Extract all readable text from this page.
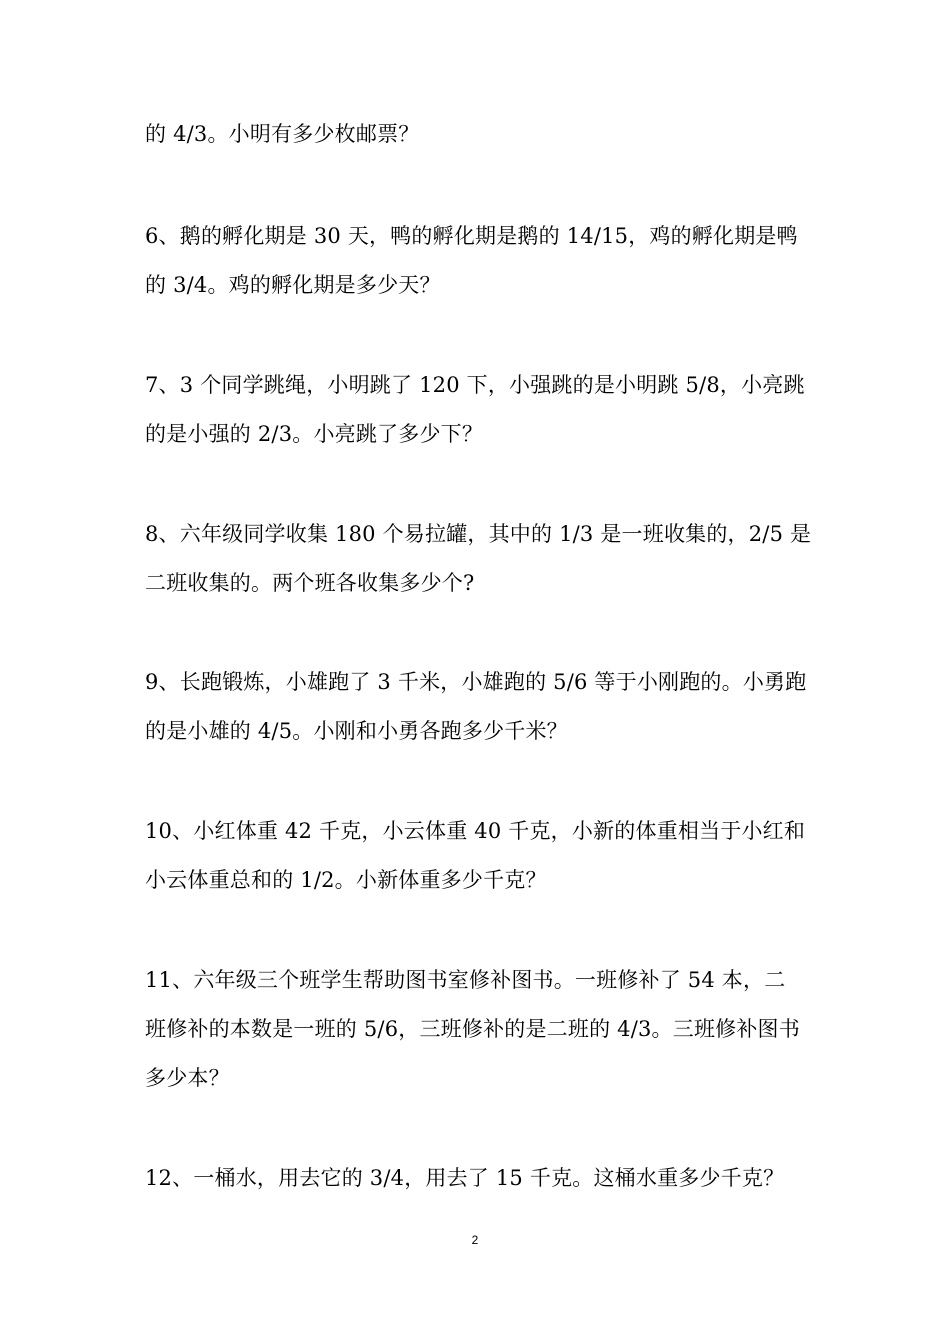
的 4/3。小明有多少枚邮票？
6、鹅的孵化期是 30 天，鸭的孵化期是鹅的 14/15，鸡的孵化期是鸭
的 3/4。鸡的孵化期是多少天？
7、3 个同学跳绳，小明跳了 120 下，小强跳的是小明跳 5/8，小亮跳
的是小强的 2/3。小亮跳了多少下？
8、六年级同学收集 180 个易拉罐，其中的 1/3 是一班收集的，2/5 是
二班收集的。两个班各收集多少个?
9、长跑锻炼，小雄跑了 3 千米，小雄跑的 5/6 等于小刚跑的。小勇跑
的是小雄的 4/5。小刚和小勇各跑多少千米？
10、小红体重 42 千克，小云体重 40 千克，小新的体重相当于小红和
小云体重总和的 1/2。小新体重多少千克？
11、六年级三个班学生帮助图书室修补图书。一班修补了 54 本，二
班修补的本数是一班的 5/6，三班修补的是二班的 4/3。三班修补图书
多少本？
12、一桶水，用去它的 3/4，用去了 15 千克。这桶水重多少千克？
2
